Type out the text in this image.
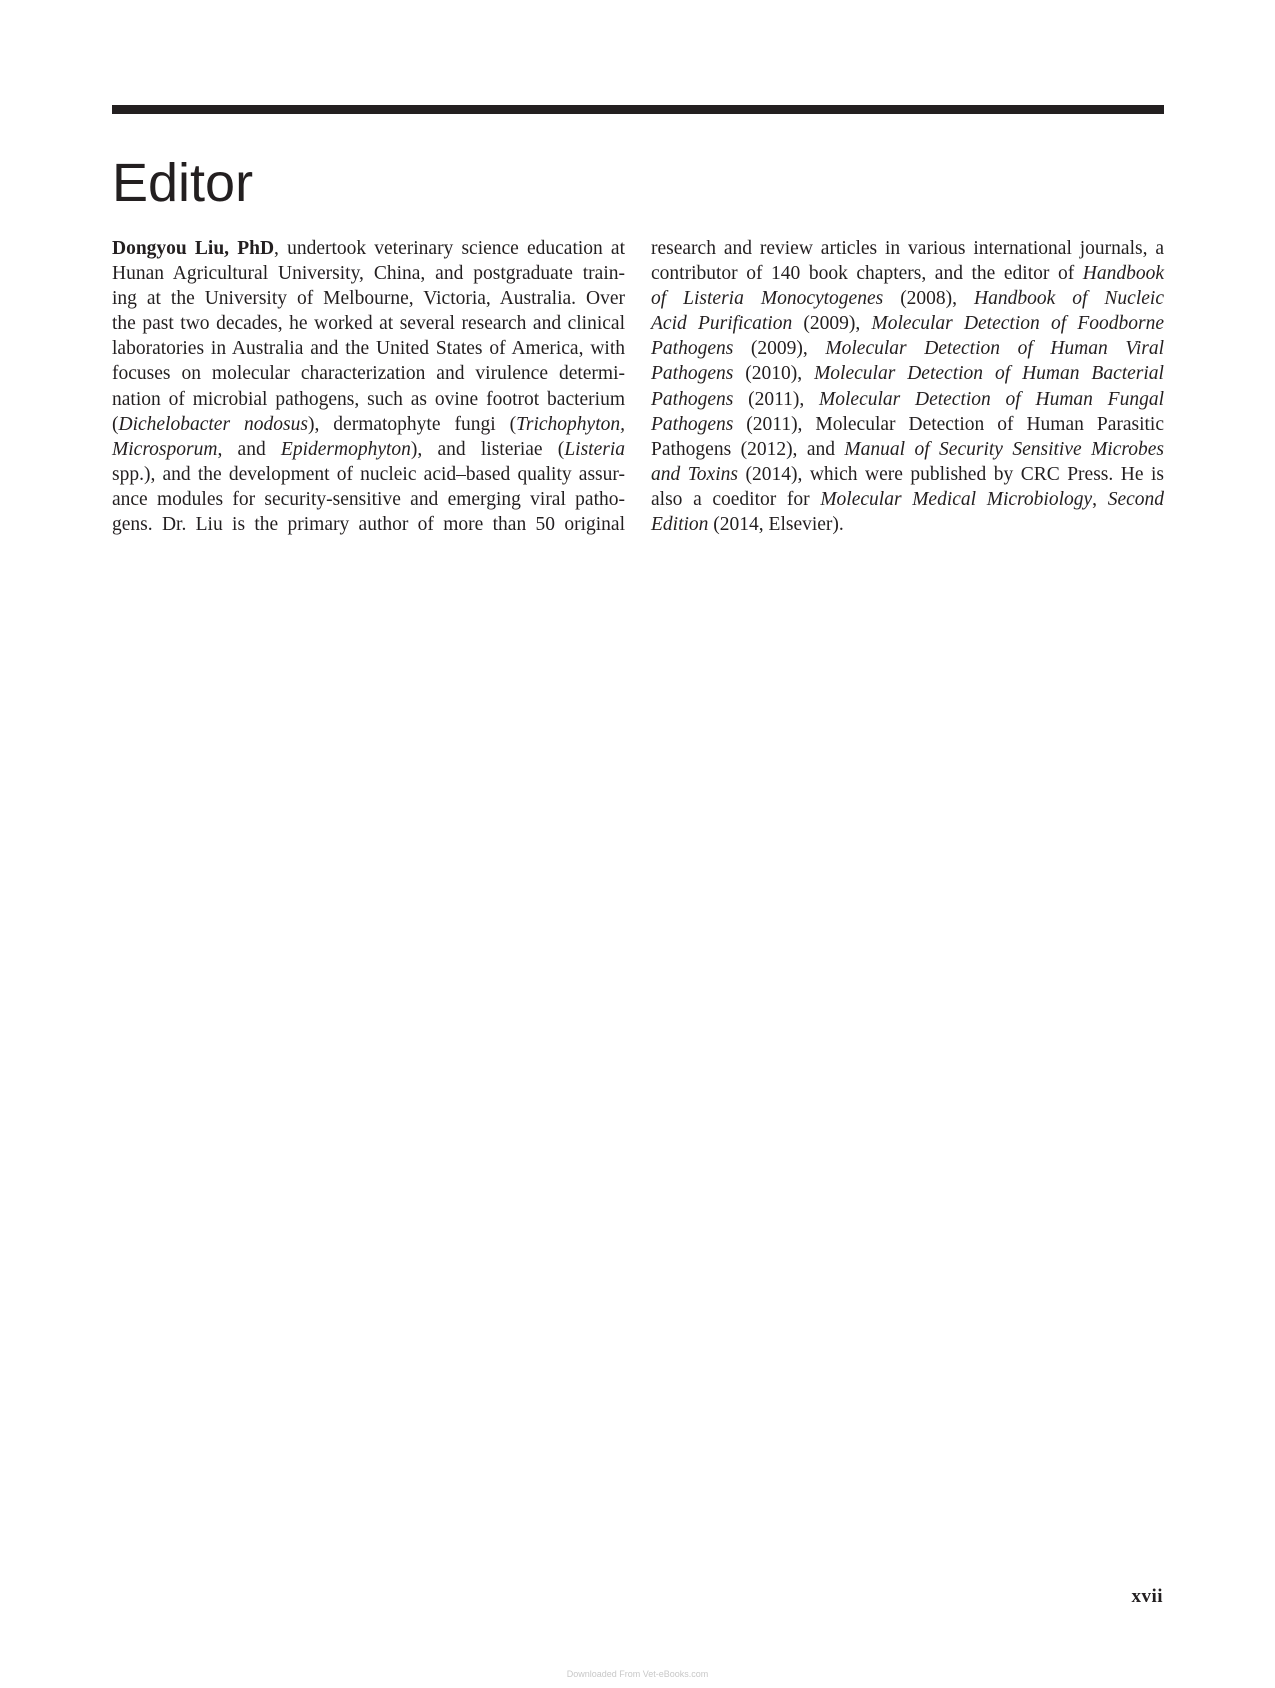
Editor
Dongyou Liu, PhD, undertook veterinary science education at
Hunan Agricultural University, China, and postgraduate train-
ing at the University of Melbourne, Victoria, Australia. Over
the past two decades, he worked at several research and clinical
laboratories in Australia and the United States of America, with
focuses on molecular characterization and virulence determi-
nation of microbial pathogens, such as ovine footrot bacterium
(Dichelobacter nodosus), dermatophyte fungi (Trichophyton,
Microsporum, and Epidermophyton), and listeriae (Listeria
spp.), and the development of nucleic acid–based quality assur-
ance modules for security-sensitive and emerging viral patho-
gens. Dr. Liu is the primary author of more than 50 original
research and review articles in various international journals, a
contributor of 140 book chapters, and the editor of Handbook
of Listeria Monocytogenes (2008), Handbook of Nucleic
Acid Purification (2009), Molecular Detection of Foodborne
Pathogens (2009), Molecular Detection of Human Viral
Pathogens (2010), Molecular Detection of Human Bacterial
Pathogens (2011), Molecular Detection of Human Fungal
Pathogens (2011), Molecular Detection of Human Parasitic
Pathogens (2012), and Manual of Security Sensitive Microbes
and Toxins (2014), which were published by CRC Press. He is
also a coeditor for Molecular Medical Microbiology, Second
Edition (2014, Elsevier).
xvii
Downloaded From Vet-eBooks.com
